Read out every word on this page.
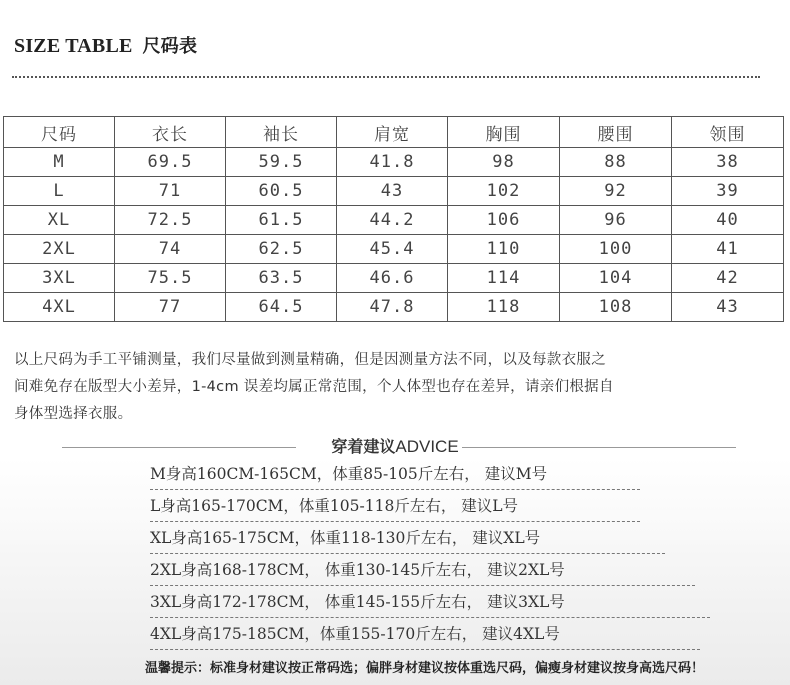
SIZE TABLE 尺码表
尺码	衣长	袖长	肩宽	胸围	腰围	领围
M	69.5	59.5	41.8	98	88	38
L	71	60.5	43	102	92	39
XL	72.5	61.5	44.2	106	96	40
2XL	74	62.5	45.4	110	100	41
3XL	75.5	63.5	46.6	114	104	42
4XL	77	64.5	47.8	118	108	43
以上尺码为手工平铺测量，我们尽量做到测量精确，但是因测量方法不同，以及每款衣服之
间难免存在版型大小差异，1-4cm 误差均属正常范围，个人体型也存在差异，请亲们根据自
身体型选择衣服。
穿着建议ADVICE
M身高160CM-165CM，体重85-105斤左右， 建议M号
L身高165-170CM，体重105-118斤左右， 建议L号
XL身高165-175CM，体重118-130斤左右， 建议XL号
2XL身高168-178CM， 体重130-145斤左右， 建议2XL号
3XL身高172-178CM， 体重145-155斤左右， 建议3XL号
4XL身高175-185CM，体重155-170斤左右， 建议4XL号
温馨提示：标准身材建议按正常码选；偏胖身材建议按体重选尺码，偏瘦身材建议按身高选尺码！
